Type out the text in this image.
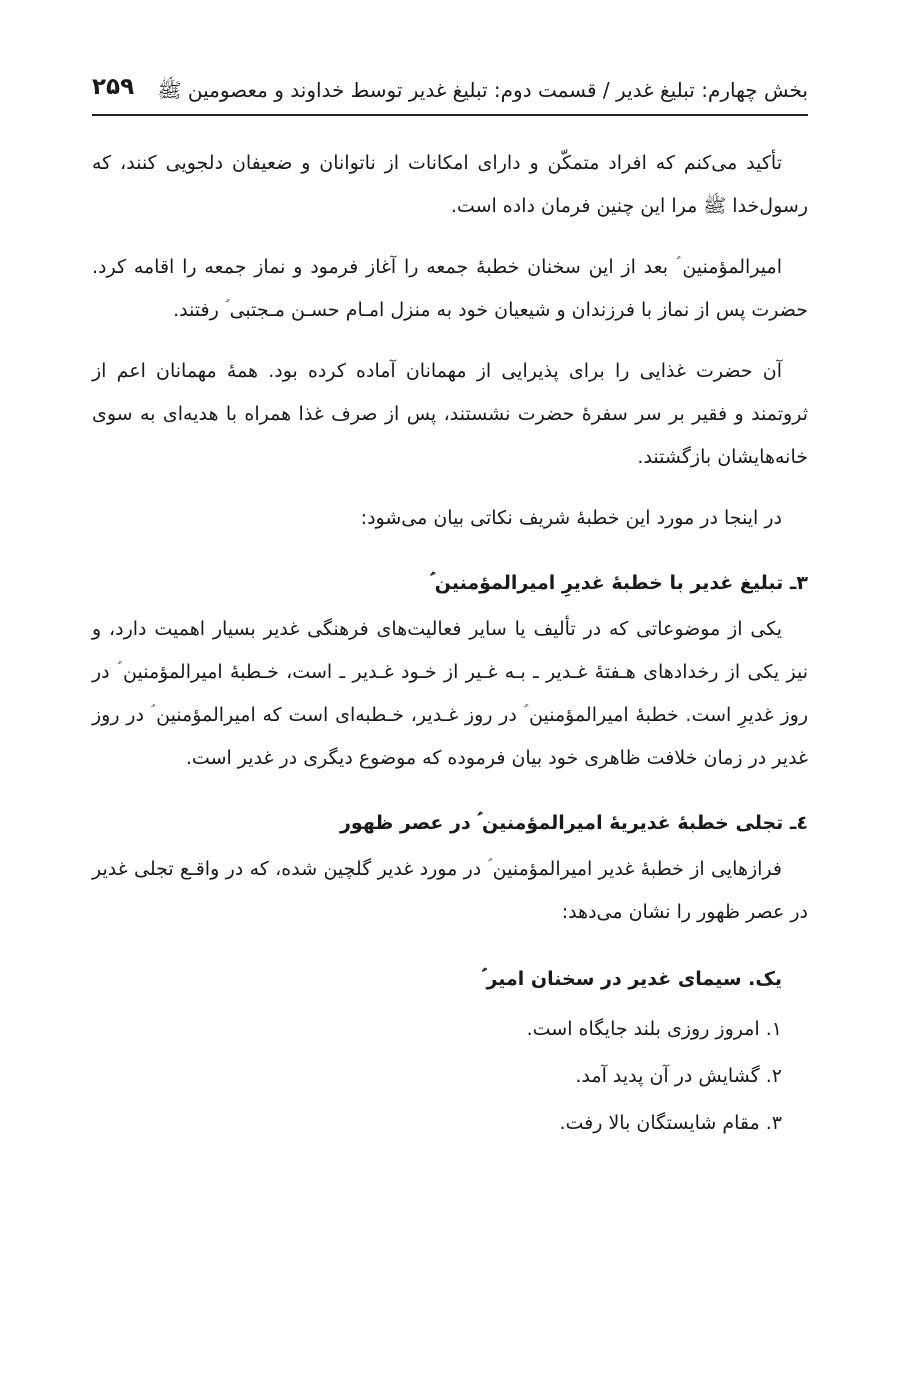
بخش چهارم: تبلیغ غدیر / قسمت دوم: تبلیغ غدیر توسط خداوند و معصومین ﷺ
۲۵۹

تأکید می‌کنم که افراد متمکّن و دارای امکانات از ناتوانان و ضعیفان دلجویی کنند، که رسول‌خدا ﷺ مرا این چنین فرمان داده است.

امیرالمؤمنین ؑ بعد از این سخنان خطبهٔ جمعه را آغاز فرمود و نماز جمعه را اقامه کرد. حضرت پس از نماز با فرزندان و شیعیان خود به منزل امـام حسـن مـجتبی ؑ رفتند.

آن حضرت غذایی را برای پذیرایی از مهمانان آماده کرده بود. همهٔ مهمانان اعم از ثروتمند و فقیر بر سر سفرهٔ حضرت نشستند، پس از صرف غذا همراه با هدیه‌ای به سوی خانه‌هایشان بازگشتند.

در اینجا در مورد این خطبهٔ شریف نکاتی بیان می‌شود:

۳ـ تبلیغ غدیر با خطبهٔ غدیرِ امیرالمؤمنین ؑ

یکی از موضوعاتی که در تألیف یا سایر فعالیت‌های فرهنگی غدیر بسیار اهمیت دارد، و نیز یکی از رخدادهای هـفتهٔ غـدیر ـ بـه غـیر از خـود غـدیر ـ است، خـطبهٔ امیرالمؤمنین ؑ در روز غدیرِ است. خطبهٔ امیرالمؤمنین ؑ در روز غـدیر، خـطبه‌ای است که امیرالمؤمنین ؑ در روز غدیر در زمان خلافت ظاهری خود بیان فرموده که موضوع دیگری در غدیر است.

٤ـ تجلی خطبهٔ غدیریهٔ امیرالمؤمنین ؑ در عصر ظهور

فرازهایی از خطبهٔ غدیر امیرالمؤمنین ؑ در مورد غدیر گلچین شده، که در واقـع تجلی غدیر در عصر ظهور را نشان می‌دهد:

یک. سیمای غدیر در سخنان امیر ؑ
۱. امروز روزی بلند جایگاه است.
۲. گشایش در آن پدید آمد.
۳. مقام شایستگان بالا رفت.
